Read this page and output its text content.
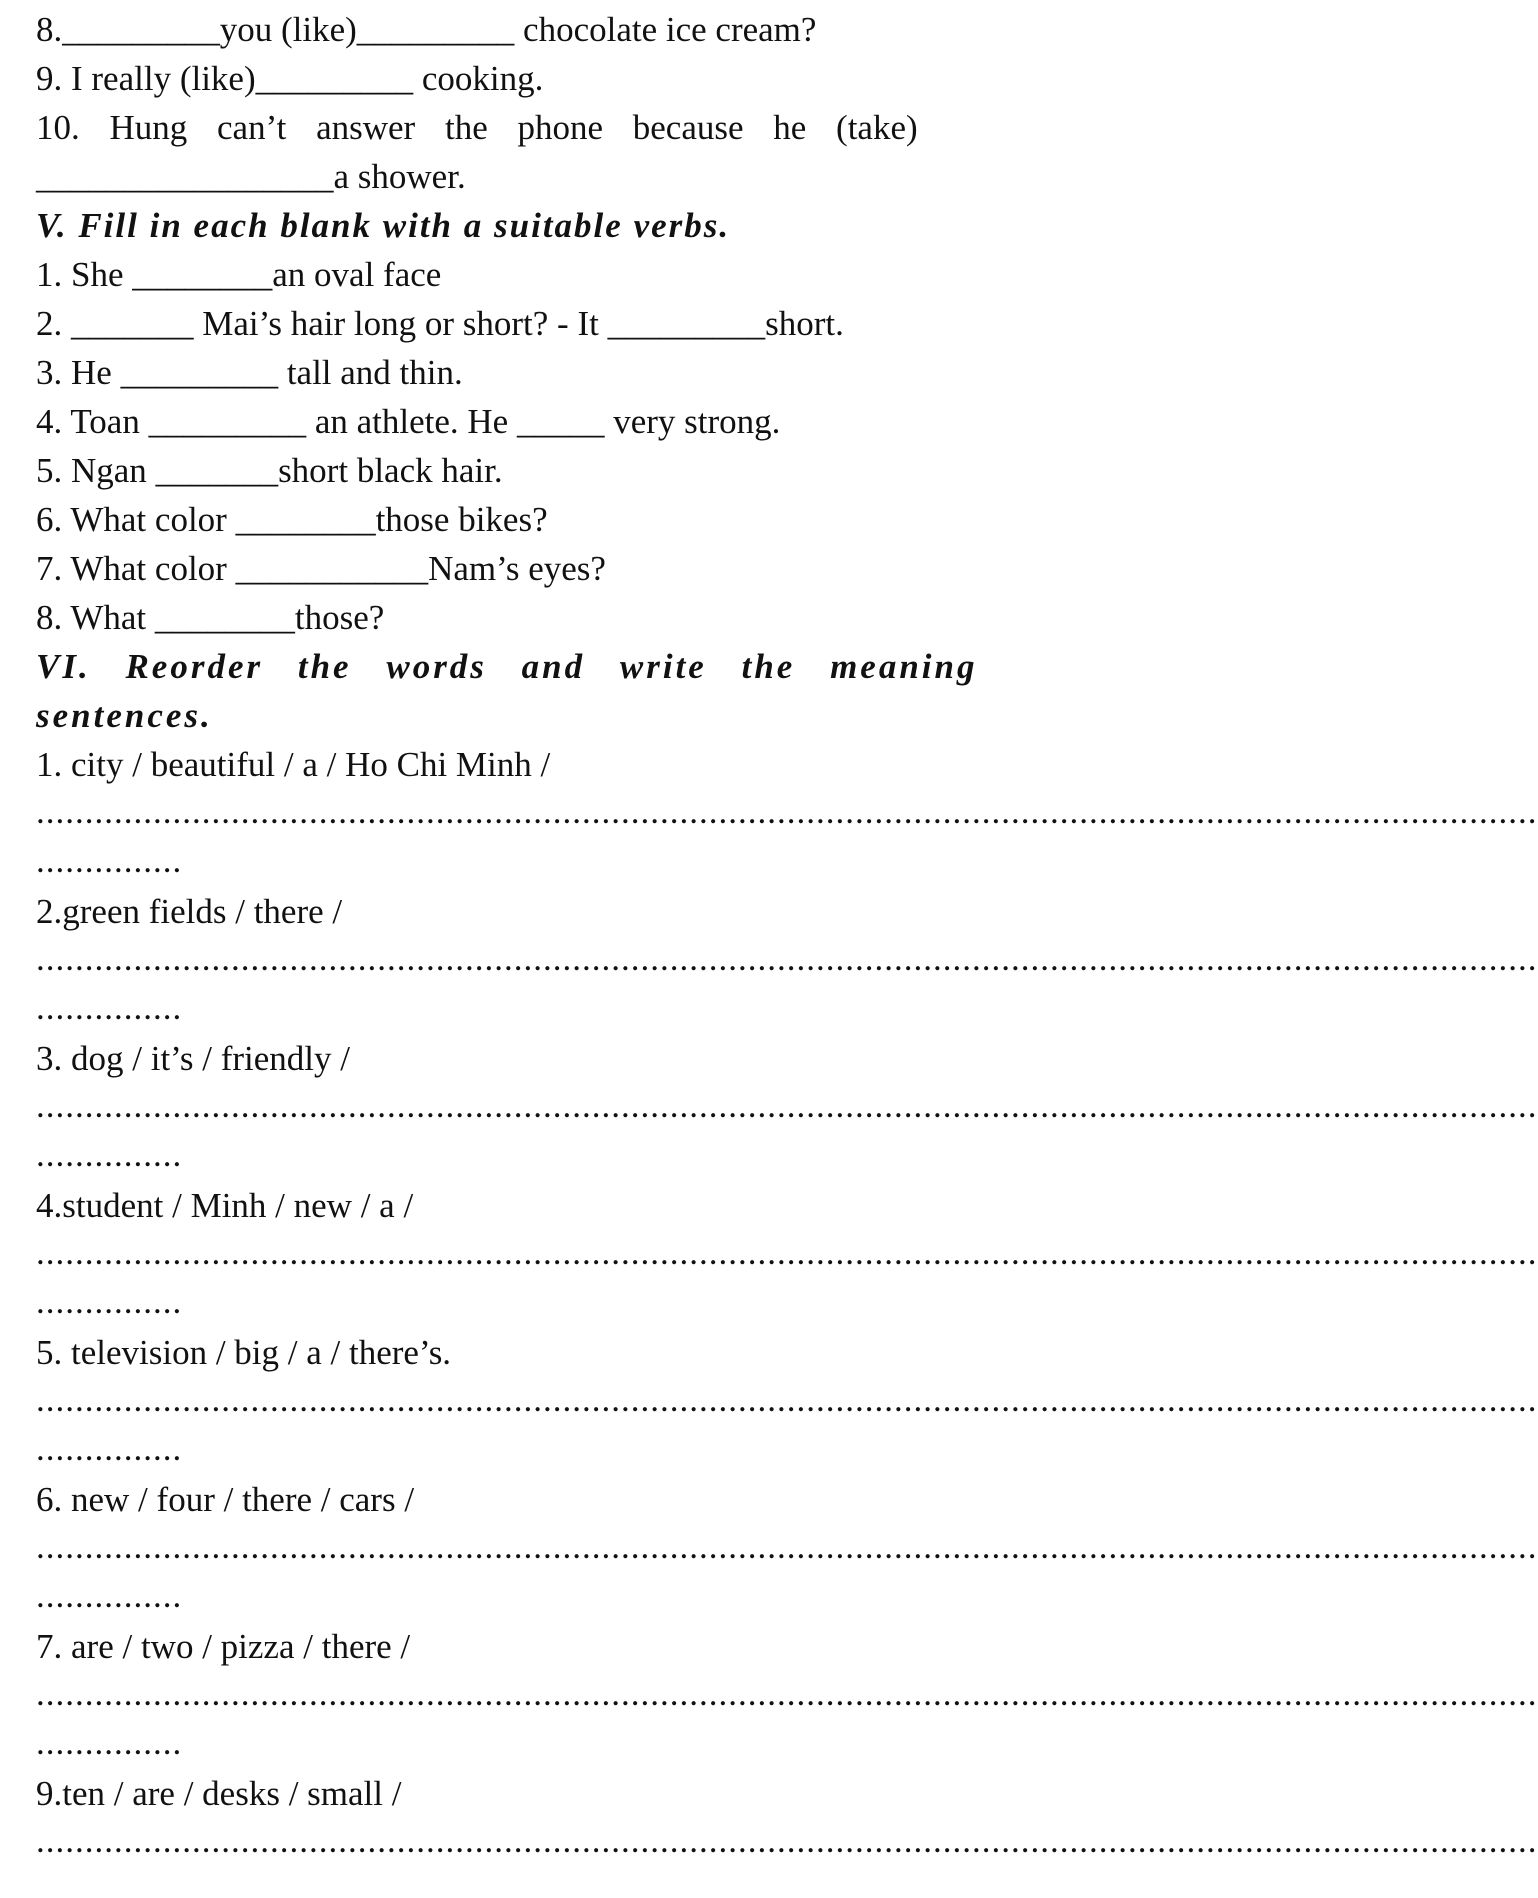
8._________you (like)_________ chocolate ice cream?
9. I really (like)_________ cooking.
10. Hung can’t answer the phone because he (take)
_________________a shower.
V. Fill in each blank with a suitable verbs.
1. She ________an oval face
2. _______ Mai’s hair long or short? - It _________short.
3. He _________ tall and thin.
4. Toan _________ an athlete. He _____ very strong.
5. Ngan _______short black hair.
6. What color ________those bikes?
7. What color ___________Nam’s eyes?
8. What ________those?
VI. Reorder the words and write the meaning
sentences.
1. city / beautiful / a / Ho Chi Minh /
..........................................................................................................................................................
...............
2.green fields / there /
..........................................................................................................................................................
...............
3. dog / it’s / friendly /
..........................................................................................................................................................
...............
4.student / Minh / new / a /
..........................................................................................................................................................
...............
5. television / big / a / there’s.
..........................................................................................................................................................
...............
6. new / four / there / cars /
..........................................................................................................................................................
...............
7. are / two / pizza / there /
..........................................................................................................................................................
...............
9.ten / are / desks / small /
..........................................................................................................................................................
